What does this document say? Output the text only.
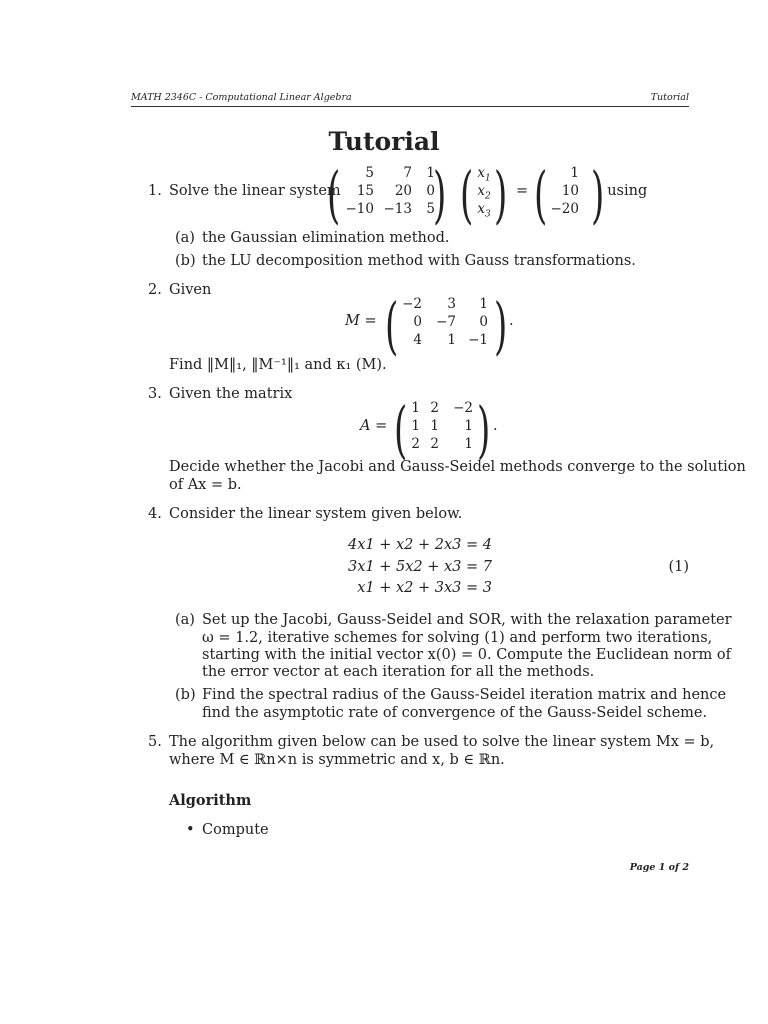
MATH 2346C - Computational Linear Algebra	Tutorial
Tutorial
1. Solve the linear system
( )
5	7	1
15	20	0
−10 −13	5 ( )
$x_1$
$x_2$
$x_3$
= ( )
1
10
−20
, using
(a) the Gaussian elimination method.
(b) the LU decomposition method with Gauss transformations.
2. Given
M = ( )
−2	3	1
0	−7	0
4	1 −1
.
Find ‖M‖₁, ‖M⁻¹‖₁ and κ₁ (M).
3. Given the matrix
A = ( )
1 2	−2
1 1	1
2 2	1
.
Decide whether the Jacobi and Gauss-Seidel methods converge to the solution
of Ax = b.
4. Consider the linear system given below.
4x1 + x2 + 2x3 = 4
3x1 + 5x2 + x3 = 7
x1 + x2 + 3x3 = 3
(1)
(a) Set up the Jacobi, Gauss-Seidel and SOR, with the relaxation parameter
ω = 1.2, iterative schemes for solving (1) and perform two iterations,
starting with the initial vector x(0) = 0. Compute the Euclidean norm of
the error vector at each iteration for all the methods.
(b) Find the spectral radius of the Gauss-Seidel iteration matrix and hence
find the asymptotic rate of convergence of the Gauss-Seidel scheme.
5. The algorithm given below can be used to solve the linear system Mx = b,
where M ∈ ℝn×n is symmetric and x, b ∈ ℝn.
Algorithm
• Compute
Page 1 of 2
